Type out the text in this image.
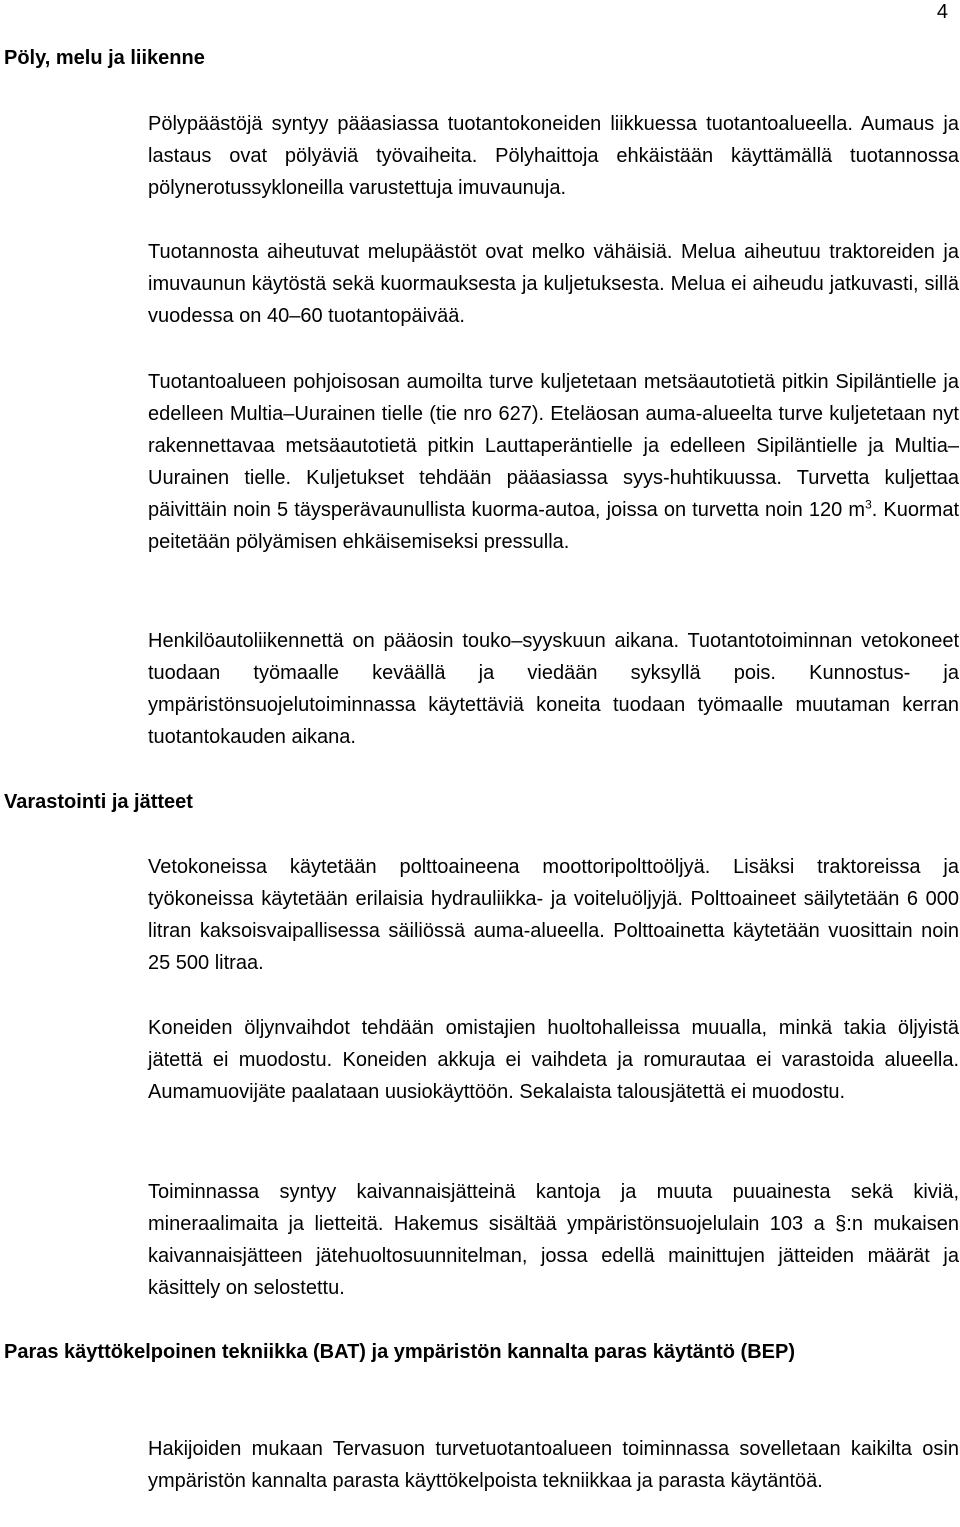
4
Pöly, melu ja liikenne

Pölypäästöjä syntyy pääasiassa tuotantokoneiden liikkuessa tuotantoalueella. Aumaus ja lastaus ovat pölyäviä työvaiheita. Pölyhaittoja ehkäistään käyttämällä tuotannossa pölynerotussykloneilla varustettuja imuvaunuja.

Tuotannosta aiheutuvat melupäästöt ovat melko vähäisiä. Melua aiheutuu traktoreiden ja imuvaunun käytöstä sekä kuormauksesta ja kuljetuksesta. Melua ei aiheudu jatkuvasti, sillä vuodessa on 40–60 tuotantopäivää.

Tuotantoalueen pohjoisosan aumoilta turve kuljetetaan metsäautotietä pitkin Sipiläntielle ja edelleen Multia–Uurainen tielle (tie nro 627). Eteläosan auma-alueelta turve kuljetetaan nyt rakennettavaa metsäautotietä pitkin Lauttaperäntielle ja edelleen Sipiläntielle ja Multia–Uurainen tielle. Kuljetukset tehdään pääasiassa syys-huhtikuussa. Turvetta kuljettaa päivittäin noin 5 täysperävaunullista kuorma-autoa, joissa on turvetta noin 120 $m^3$. Kuormat peitetään pölyämisen ehkäisemiseksi pressulla.

Henkilöautoliikennettä on pääosin touko–syyskuun aikana. Tuotantotoiminnan vetokoneet tuodaan työmaalle keväällä ja viedään syksyllä pois. Kunnostus- ja ympäristönsuojelutoiminnassa käytettäviä koneita tuodaan työmaalle muutaman kerran tuotantokauden aikana.

Varastointi ja jätteet

Vetokoneissa käytetään polttoaineena moottoripolttoöljyä. Lisäksi traktoreissa ja työkoneissa käytetään erilaisia hydrauliikka- ja voiteluöljyjä. Polttoaineet säilytetään 6 000 litran kaksoisvaipallisessa säiliössä auma-alueella. Polttoainetta käytetään vuosittain noin 25 500 litraa.

Koneiden öljynvaihdot tehdään omistajien huoltohalleissa muualla, minkä takia öljyistä jätettä ei muodostu. Koneiden akkuja ei vaihdeta ja romurautaa ei varastoida alueella. Aumamuovijäte paalataan uusiokäyttöön. Sekalaista talousjätettä ei muodostu.

Toiminnassa syntyy kaivannaisjätteinä kantoja ja muuta puuainesta sekä kiviä, mineraalimaita ja lietteitä. Hakemus sisältää ympäristönsuojelulain 103 a §:n mukaisen kaivannaisjätteen jätehuoltosuunnitelman, jossa edellä mainittujen jätteiden määrät ja käsittely on selostettu.

Paras käyttökelpoinen tekniikka (BAT) ja ympäristön kannalta paras käytäntö (BEP)

Hakijoiden mukaan Tervasuon turvetuotantoalueen toiminnassa sovelletaan kaikilta osin ympäristön kannalta parasta käyttökelpoista tekniikkaa ja parasta käytäntöä.
